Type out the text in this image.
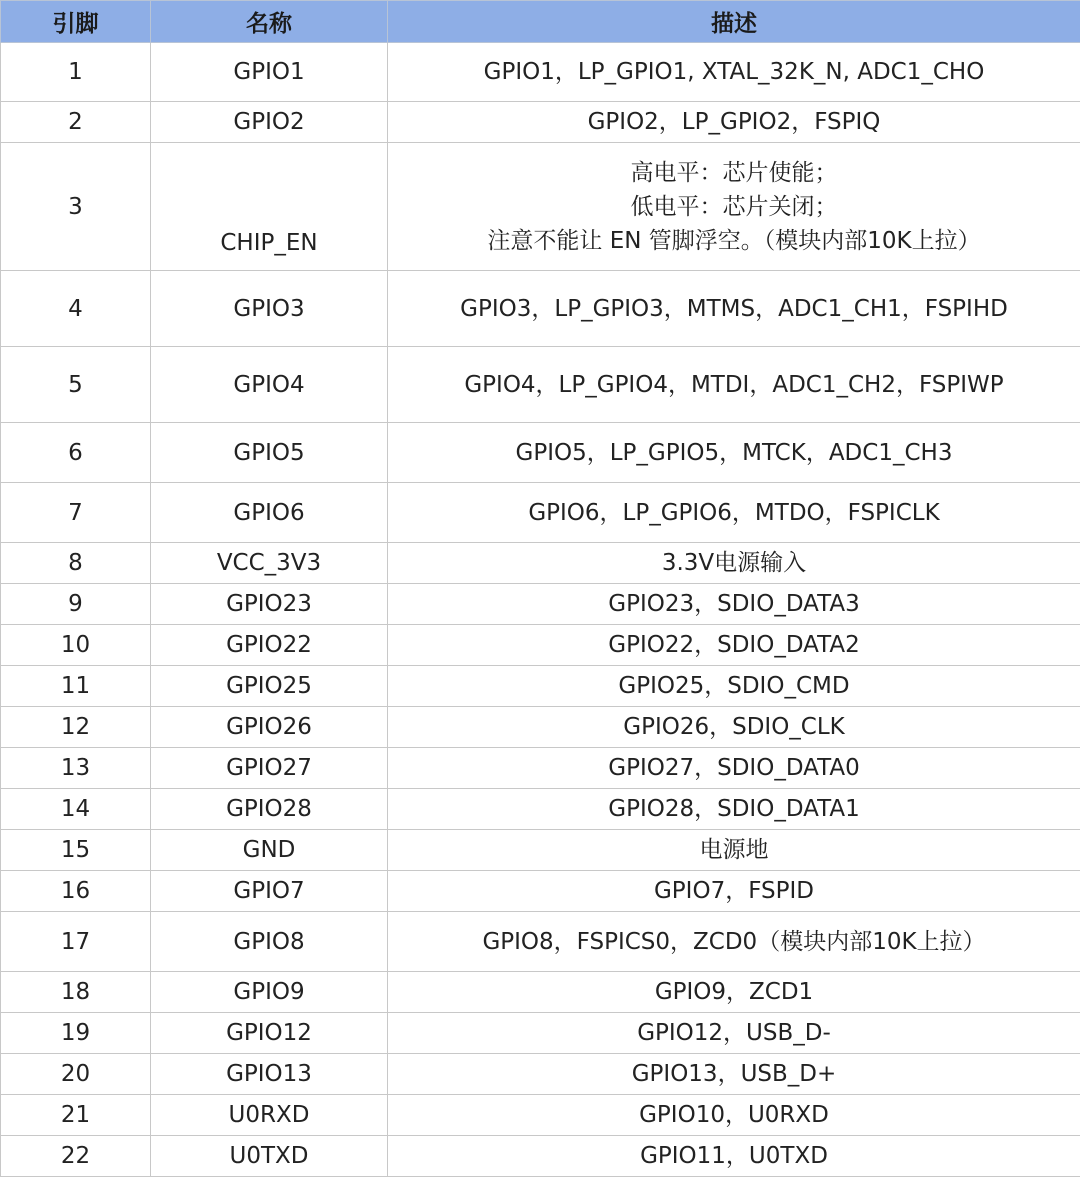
引脚	名称	描述
1	GPIO1	GPIO1，LP_GPIO1, XTAL_32K_N, ADC1_CHO

2	GPIO2	GPIO2，LP_GPIO2，FSPIQ

3	CHIP_EN	高电平：芯片使能；
低电平：芯片关闭；
注意不能让 EN 管脚浮空。（模块内部10K上拉）

4	GPIO3	GPIO3，LP_GPIO3，MTMS，ADC1_CH1，FSPIHD

5	GPIO4	GPIO4，LP_GPIO4，MTDI，ADC1_CH2，FSPIWP

6	GPIO5	GPIO5，LP_GPIO5，MTCK，ADC1_CH3

7	GPIO6	GPIO6，LP_GPIO6，MTDO，FSPICLK

8	VCC_3V3	3.3V电源输入

9	GPIO23	GPIO23，SDIO_DATA3

10	GPIO22	GPIO22，SDIO_DATA2

11	GPIO25	GPIO25，SDIO_CMD

12	GPIO26	GPIO26，SDIO_CLK

13	GPIO27	GPIO27，SDIO_DATA0

14	GPIO28	GPIO28，SDIO_DATA1

15	GND	电源地

16	GPIO7	GPIO7，FSPID

17	GPIO8	GPIO8，FSPICS0，ZCD0（模块内部10K上拉）

18	GPIO9	GPIO9，ZCD1

19	GPIO12	GPIO12，USB_D-

20	GPIO13	GPIO13，USB_D+

21	U0RXD	GPIO10，U0RXD

22	U0TXD	GPIO11，U0TXD
